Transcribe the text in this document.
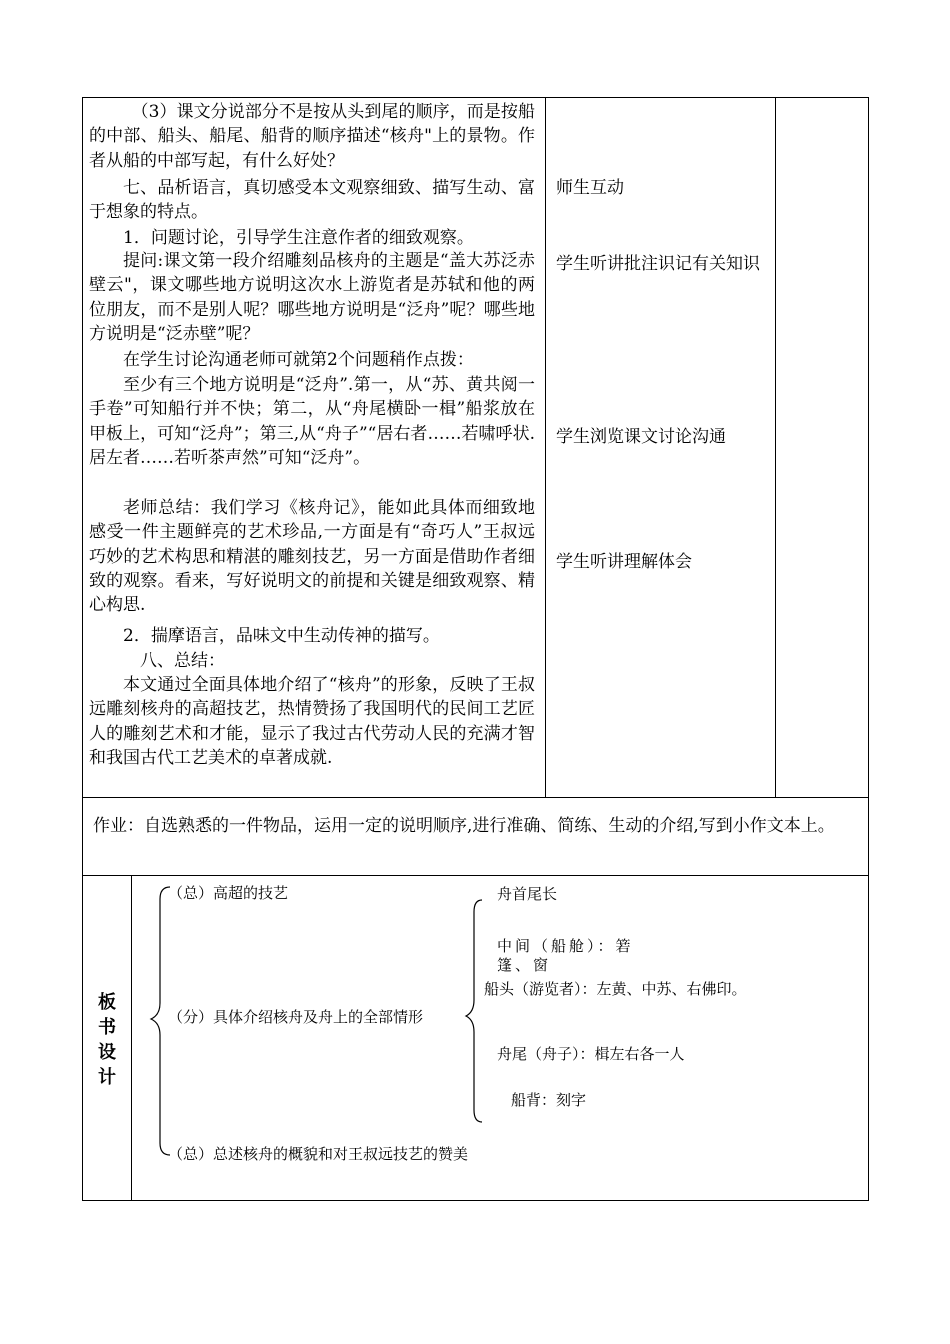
（3）课文分说部分不是按从头到尾的顺序，而是按船的中部、船头、船尾、船背的顺序描述“核舟"上的景物。作者从船的中部写起，有什么好处？

七、品析语言，真切感受本文观察细致、描写生动、富于想象的特点。

1．问题讨论，引导学生注意作者的细致观察。

提问:课文第一段介绍雕刻品核舟的主题是“盖大苏泛赤壁云"，课文哪些地方说明这次水上游览者是苏轼和他的两位朋友，而不是别人呢？哪些地方说明是“泛舟”呢？哪些地方说明是“泛赤壁”呢？

在学生讨论沟通老师可就第2个问题稍作点拨：

至少有三个地方说明是“泛舟”.第一，从“苏、黄共阅一手卷”可知船行并不快；第二，从“舟尾横卧一楫”船浆放在甲板上，可知“泛舟”；第三,从“舟子”“居右者……若啸呼状.居左者……若听茶声然”可知“泛舟”。

老师总结：我们学习《核舟记》，能如此具体而细致地感受一件主题鲜亮的艺术珍品,一方面是有“奇巧人”王叔远巧妙的艺术构思和精湛的雕刻技艺，另一方面是借助作者细致的观察。看来，写好说明文的前提和关键是细致观察、精心构思.

2．揣摩语言，品味文中生动传神的描写。

八、总结：

本文通过全面具体地介绍了“核舟”的形象，反映了王叔远雕刻核舟的高超技艺，热情赞扬了我国明代的民间工艺匠人的雕刻艺术和才能，显示了我过古代劳动人民的充满才智和我国古代工艺美术的卓著成就.

师生互动
学生听讲批注识记有关知识
学生浏览课文讨论沟通
学生听讲理解体会

作业：自选熟悉的一件物品，运用一定的说明顺序,进行准确、简练、生动的介绍,写到小作文本上。

板书设计
（总）高超的技艺
（分）具体介绍核舟及舟上的全部情形
（总）总述核舟的概貌和对王叔远技艺的赞美
舟首尾长
中间（船舱）：箬篷、窗
船头（游览者）：左黄、中苏、右佛印。
舟尾（舟子）：楫左右各一人
船背：刻字
